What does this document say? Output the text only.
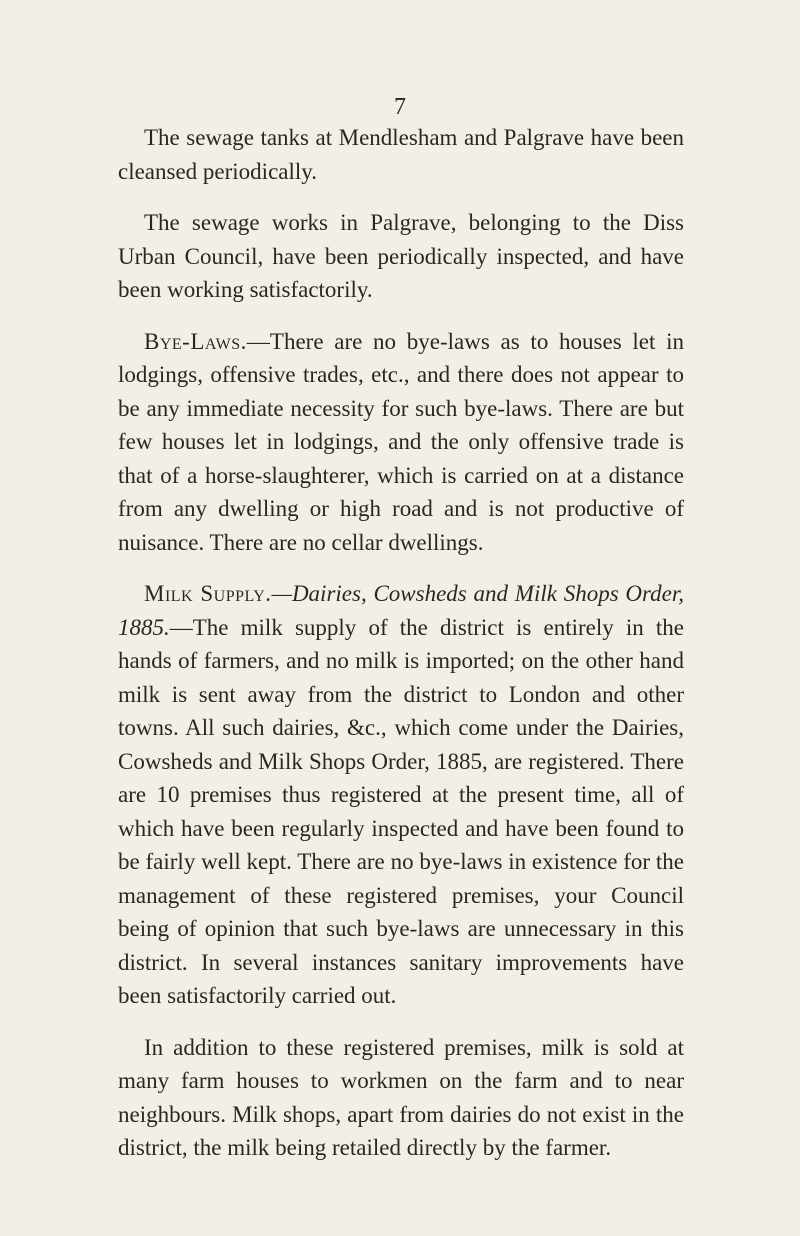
7

The sewage tanks at Mendlesham and Palgrave have been cleansed periodically.

The sewage works in Palgrave, belonging to the Diss Urban Council, have been periodically inspected, and have been working satisfactorily.

Bye-Laws.—There are no bye-laws as to houses let in lodgings, offensive trades, etc., and there does not appear to be any immediate necessity for such bye-laws. There are but few houses let in lodgings, and the only offensive trade is that of a horse-slaughterer, which is carried on at a distance from any dwelling or high road and is not productive of nuisance. There are no cellar dwellings.

Milk Supply.—Dairies, Cowsheds and Milk Shops Order, 1885.—The milk supply of the district is entirely in the hands of farmers, and no milk is imported; on the other hand milk is sent away from the district to London and other towns. All such dairies, &c., which come under the Dairies, Cowsheds and Milk Shops Order, 1885, are registered. There are 10 premises thus registered at the present time, all of which have been regularly inspected and have been found to be fairly well kept. There are no bye-laws in existence for the management of these registered premises, your Council being of opinion that such bye-laws are unnecessary in this district. In several instances sanitary improvements have been satisfactorily carried out.

In addition to these registered premises, milk is sold at many farm houses to workmen on the farm and to near neighbours. Milk shops, apart from dairies do not exist in the district, the milk being retailed directly by the farmer.
